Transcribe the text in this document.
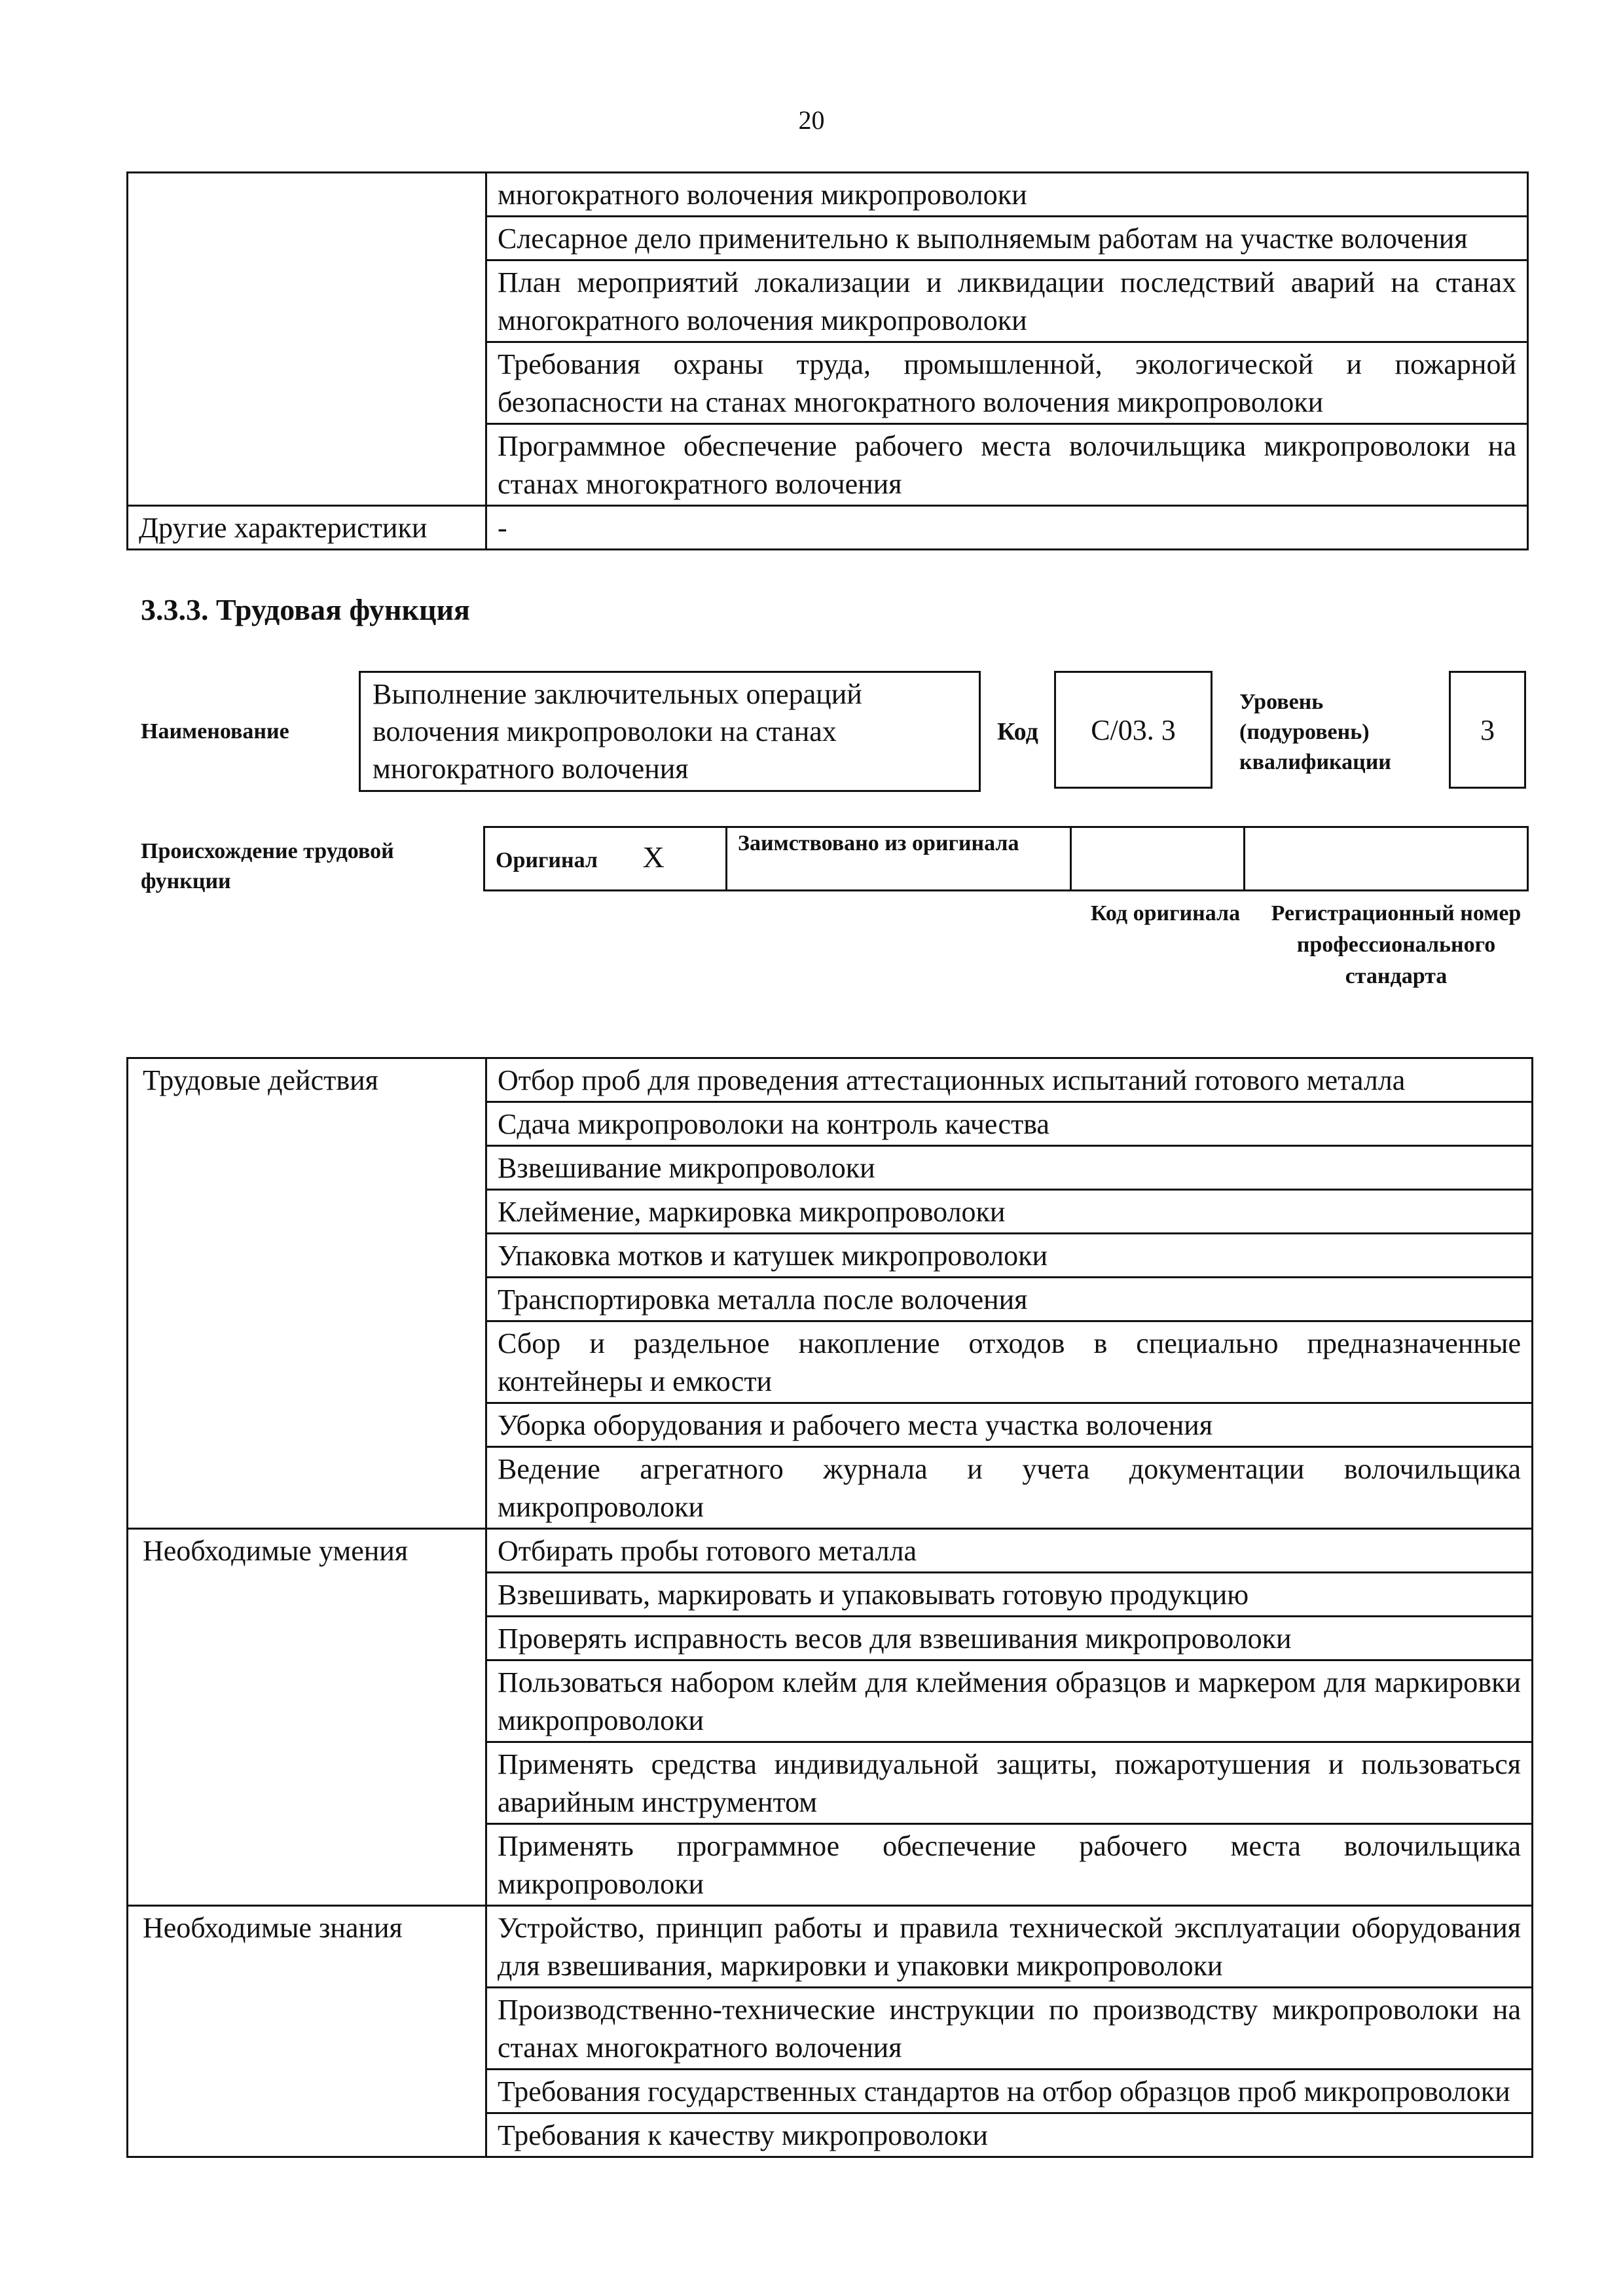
20
	многократного волочения микропроволоки
	Слесарное дело применительно к выполняемым работам на участке волочения
	План мероприятий локализации и ликвидации последствий аварий на станах многократного волочения микропроволоки
	Требования охраны труда, промышленной, экологической и пожарной безопасности на станах многократного волочения микропроволоки
	Программное обеспечение рабочего места волочильщика микропроволоки на станах многократного волочения
Другие характеристики	-
3.3.3. Трудовая функция
Наименование
Выполнение заключительных операций волочения микропроволоки на станах многократного волочения
Код	С/03. 3
Уровень (подуровень) квалификации
3
Происхождение трудовой функции
Оригинал X	Заимствовано из оригинала		
Код оригинала Регистрационный номер профессионального стандарта
Трудовые действия	Отбор проб для проведения аттестационных испытаний готового металла
	Сдача микропроволоки на контроль качества
	Взвешивание микропроволоки
	Клеймение, маркировка микропроволоки
	Упаковка мотков и катушек микропроволоки
	Транспортировка металла после волочения
	Сбор и раздельное накопление отходов в специально предназначенные контейнеры и емкости
	Уборка оборудования и рабочего места участка волочения
	Ведение агрегатного журнала и учета документации волочильщика микропроволоки
Необходимые умения	Отбирать пробы готового металла
	Взвешивать, маркировать и упаковывать готовую продукцию
	Проверять исправность весов для взвешивания микропроволоки
	Пользоваться набором клейм для клеймения образцов и маркером для маркировки микропроволоки
	Применять средства индивидуальной защиты, пожаротушения и пользоваться аварийным инструментом
	Применять программное обеспечение рабочего места волочильщика микропроволоки
Необходимые знания	Устройство, принцип работы и правила технической эксплуатации оборудования для взвешивания, маркировки и упаковки микропроволоки
	Производственно-технические инструкции по производству микропроволоки на станах многократного волочения
	Требования государственных стандартов на отбор образцов проб микропроволоки
	Требования к качеству микропроволоки
